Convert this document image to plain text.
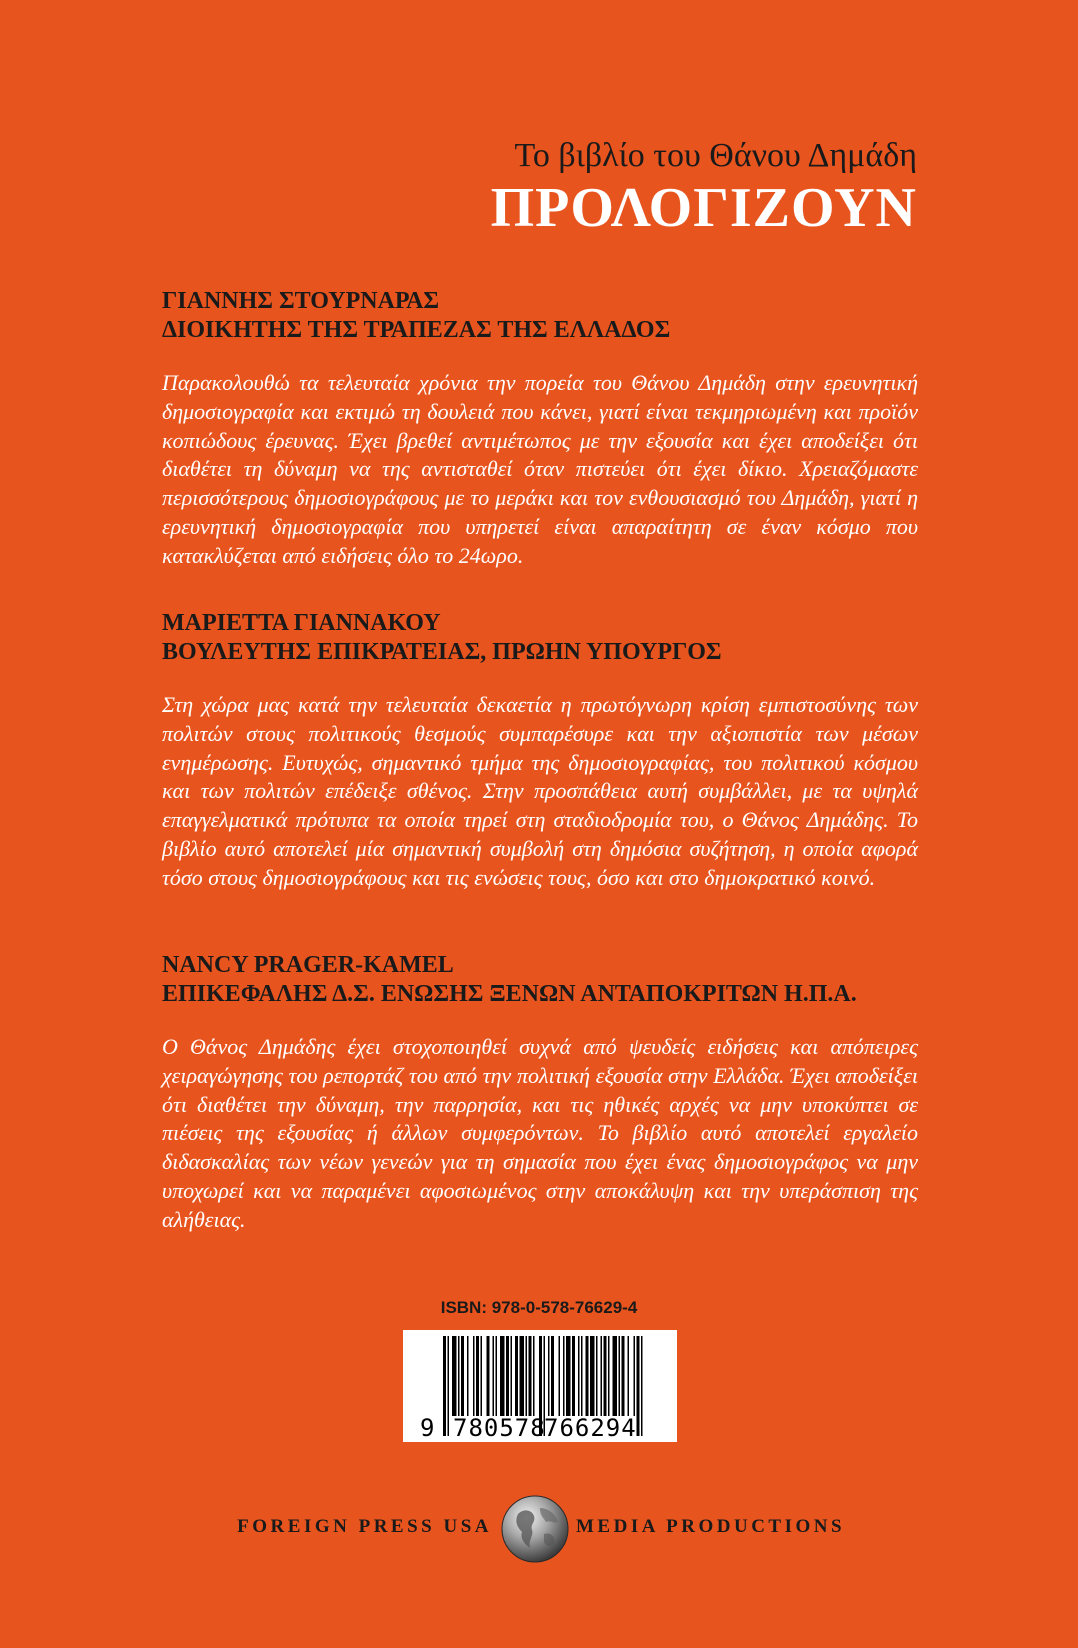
Το βιβλίο του Θάνου Δημάδη
ΠΡΟΛΟΓΙΖΟΥΝ
ΓΙΑΝΝΗΣ ΣΤΟΥΡΝΑΡΑΣ
ΔΙΟΙΚΗΤΗΣ ΤΗΣ ΤΡΑΠΕΖΑΣ ΤΗΣ ΕΛΛΑΔΟΣ
Παρακολουθώ τα τελευταία χρόνια την πορεία του Θάνου Δημάδη στην ερευνητική δημοσιογραφία και εκτιμώ τη δουλειά που κάνει, γιατί είναι τεκμηριωμένη και προϊόν κοπιώδους έρευνας. Έχει βρεθεί αντιμέτωπος με την εξουσία και έχει αποδείξει ότι διαθέτει τη δύναμη να της αντισταθεί όταν πιστεύει ότι έχει δίκιο. Χρειαζόμαστε περισσότερους δημοσιογράφους με το μεράκι και τον ενθουσιασμό του Δημάδη, γιατί η ερευνητική δημοσιογραφία που υπηρετεί είναι απαραίτητη σε έναν κόσμο που κατακλύζεται από ειδήσεις όλο το 24ωρο.
ΜΑΡΙΕΤΤΑ ΓΙΑΝΝΑΚΟΥ
ΒΟΥΛΕΥΤΗΣ ΕΠΙΚΡΑΤΕΙΑΣ, ΠΡΩΗΝ ΥΠΟΥΡΓΟΣ
Στη χώρα μας κατά την τελευταία δεκαετία η πρωτόγνωρη κρίση εμπιστοσύνης των πολιτών στους πολιτικούς θεσμούς συμπαρέσυρε και την αξιοπιστία των μέσων ενημέρωσης. Ευτυχώς, σημαντικό τμήμα της δημοσιογραφίας, του πολιτικού κόσμου και των πολιτών επέδειξε σθένος. Στην προσπάθεια αυτή συμβάλλει, με τα υψηλά επαγγελματικά πρότυπα τα οποία τηρεί στη σταδιοδρομία του, ο Θάνος Δημάδης. Το βιβλίο αυτό αποτελεί μία σημαντική συμβολή στη δημόσια συζήτηση, η οποία αφορά τόσο στους δημοσιογράφους και τις ενώσεις τους, όσο και στο δημοκρατικό κοινό.
NANCY PRAGER-KAMEL
ΕΠΙΚΕΦΑΛΗΣ Δ.Σ. ΕΝΩΣΗΣ ΞΕΝΩΝ ΑΝΤΑΠΟΚΡΙΤΩΝ Η.Π.Α.
Ο Θάνος Δημάδης έχει στοχοποιηθεί συχνά από ψευδείς ειδήσεις και απόπειρες χειραγώγησης του ρεπορτάζ του από την πολιτική εξουσία στην Ελλάδα. Έχει αποδείξει ότι διαθέτει την δύναμη, την παρρησία, και τις ηθικές αρχές να μην υποκύπτει σε πιέσεις της εξουσίας ή άλλων συμφερόντων. Το βιβλίο αυτό αποτελεί εργαλείο διδασκαλίας των νέων γενεών για τη σημασία που έχει ένας δημοσιογράφος να μην υποχωρεί και να παραμένει αφοσιωμένος στην αποκάλυψη και την υπεράσπιση της αλήθειας.
ISBN: 978-0-578-76629-4
9 780578
766294
FOREIGN PRESS USA	MEDIA PRODUCTIONS
